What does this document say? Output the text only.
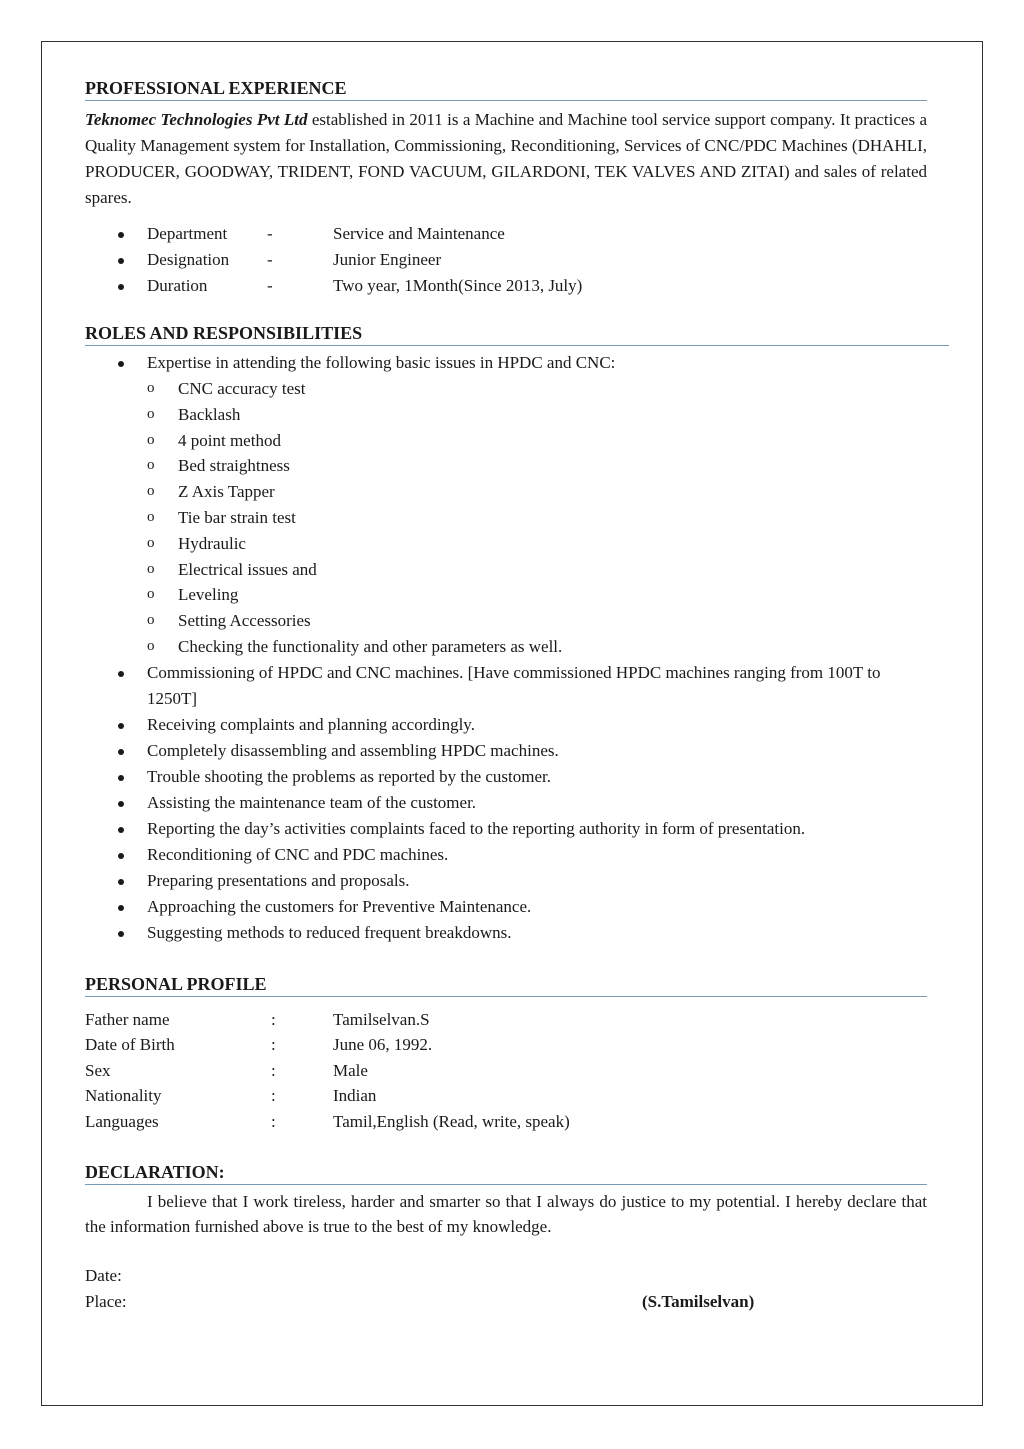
PROFESSIONAL EXPERIENCE

Teknomec Technologies Pvt Ltd established in 2011 is a Machine and Machine tool service support company. It practices a Quality Management system for Installation, Commissioning, Reconditioning, Services of CNC/PDC Machines (DHAHLI, PRODUCER, GOODWAY, TRIDENT, FOND VACUUM, GILARDONI, TEK VALVES AND ZITAI) and sales of related spares.

Department	-	Service and Maintenance
Designation	-	Junior Engineer
Duration	-	Two year, 1Month(Since 2013, July)
ROLES AND RESPONSIBILITIES
Expertise in attending the following basic issues in HPDC and CNC:
o CNC accuracy test
o Backlash
o 4 point method
o Bed straightness
o Z Axis Tapper
o Tie bar strain test
o Hydraulic
o Electrical issues and
o Leveling
o Setting Accessories
o Checking the functionality and other parameters as well.
Commissioning of HPDC and CNC machines. [Have commissioned HPDC machines ranging from 100T to 1250T]
Receiving complaints and planning accordingly.
Completely disassembling and assembling HPDC machines.
Trouble shooting the problems as reported by the customer.
Assisting the maintenance team of the customer.
Reporting the day’s activities complaints faced to the reporting authority in form of presentation.
Reconditioning of CNC and PDC machines.
Preparing presentations and proposals.
Approaching the customers for Preventive Maintenance.
Suggesting methods to reduced frequent breakdowns.
PERSONAL PROFILE
Father name	:	Tamilselvan.S
Date of Birth	:	June 06, 1992.
Sex	:	Male
Nationality	:	Indian
Languages	:	Tamil,English (Read, write, speak)
DECLARATION:

I believe that I work tireless, harder and smarter so that I always do justice to my potential. I hereby declare that the information furnished above is true to the best of my knowledge.

Date:
Place:	(S.Tamilselvan)
